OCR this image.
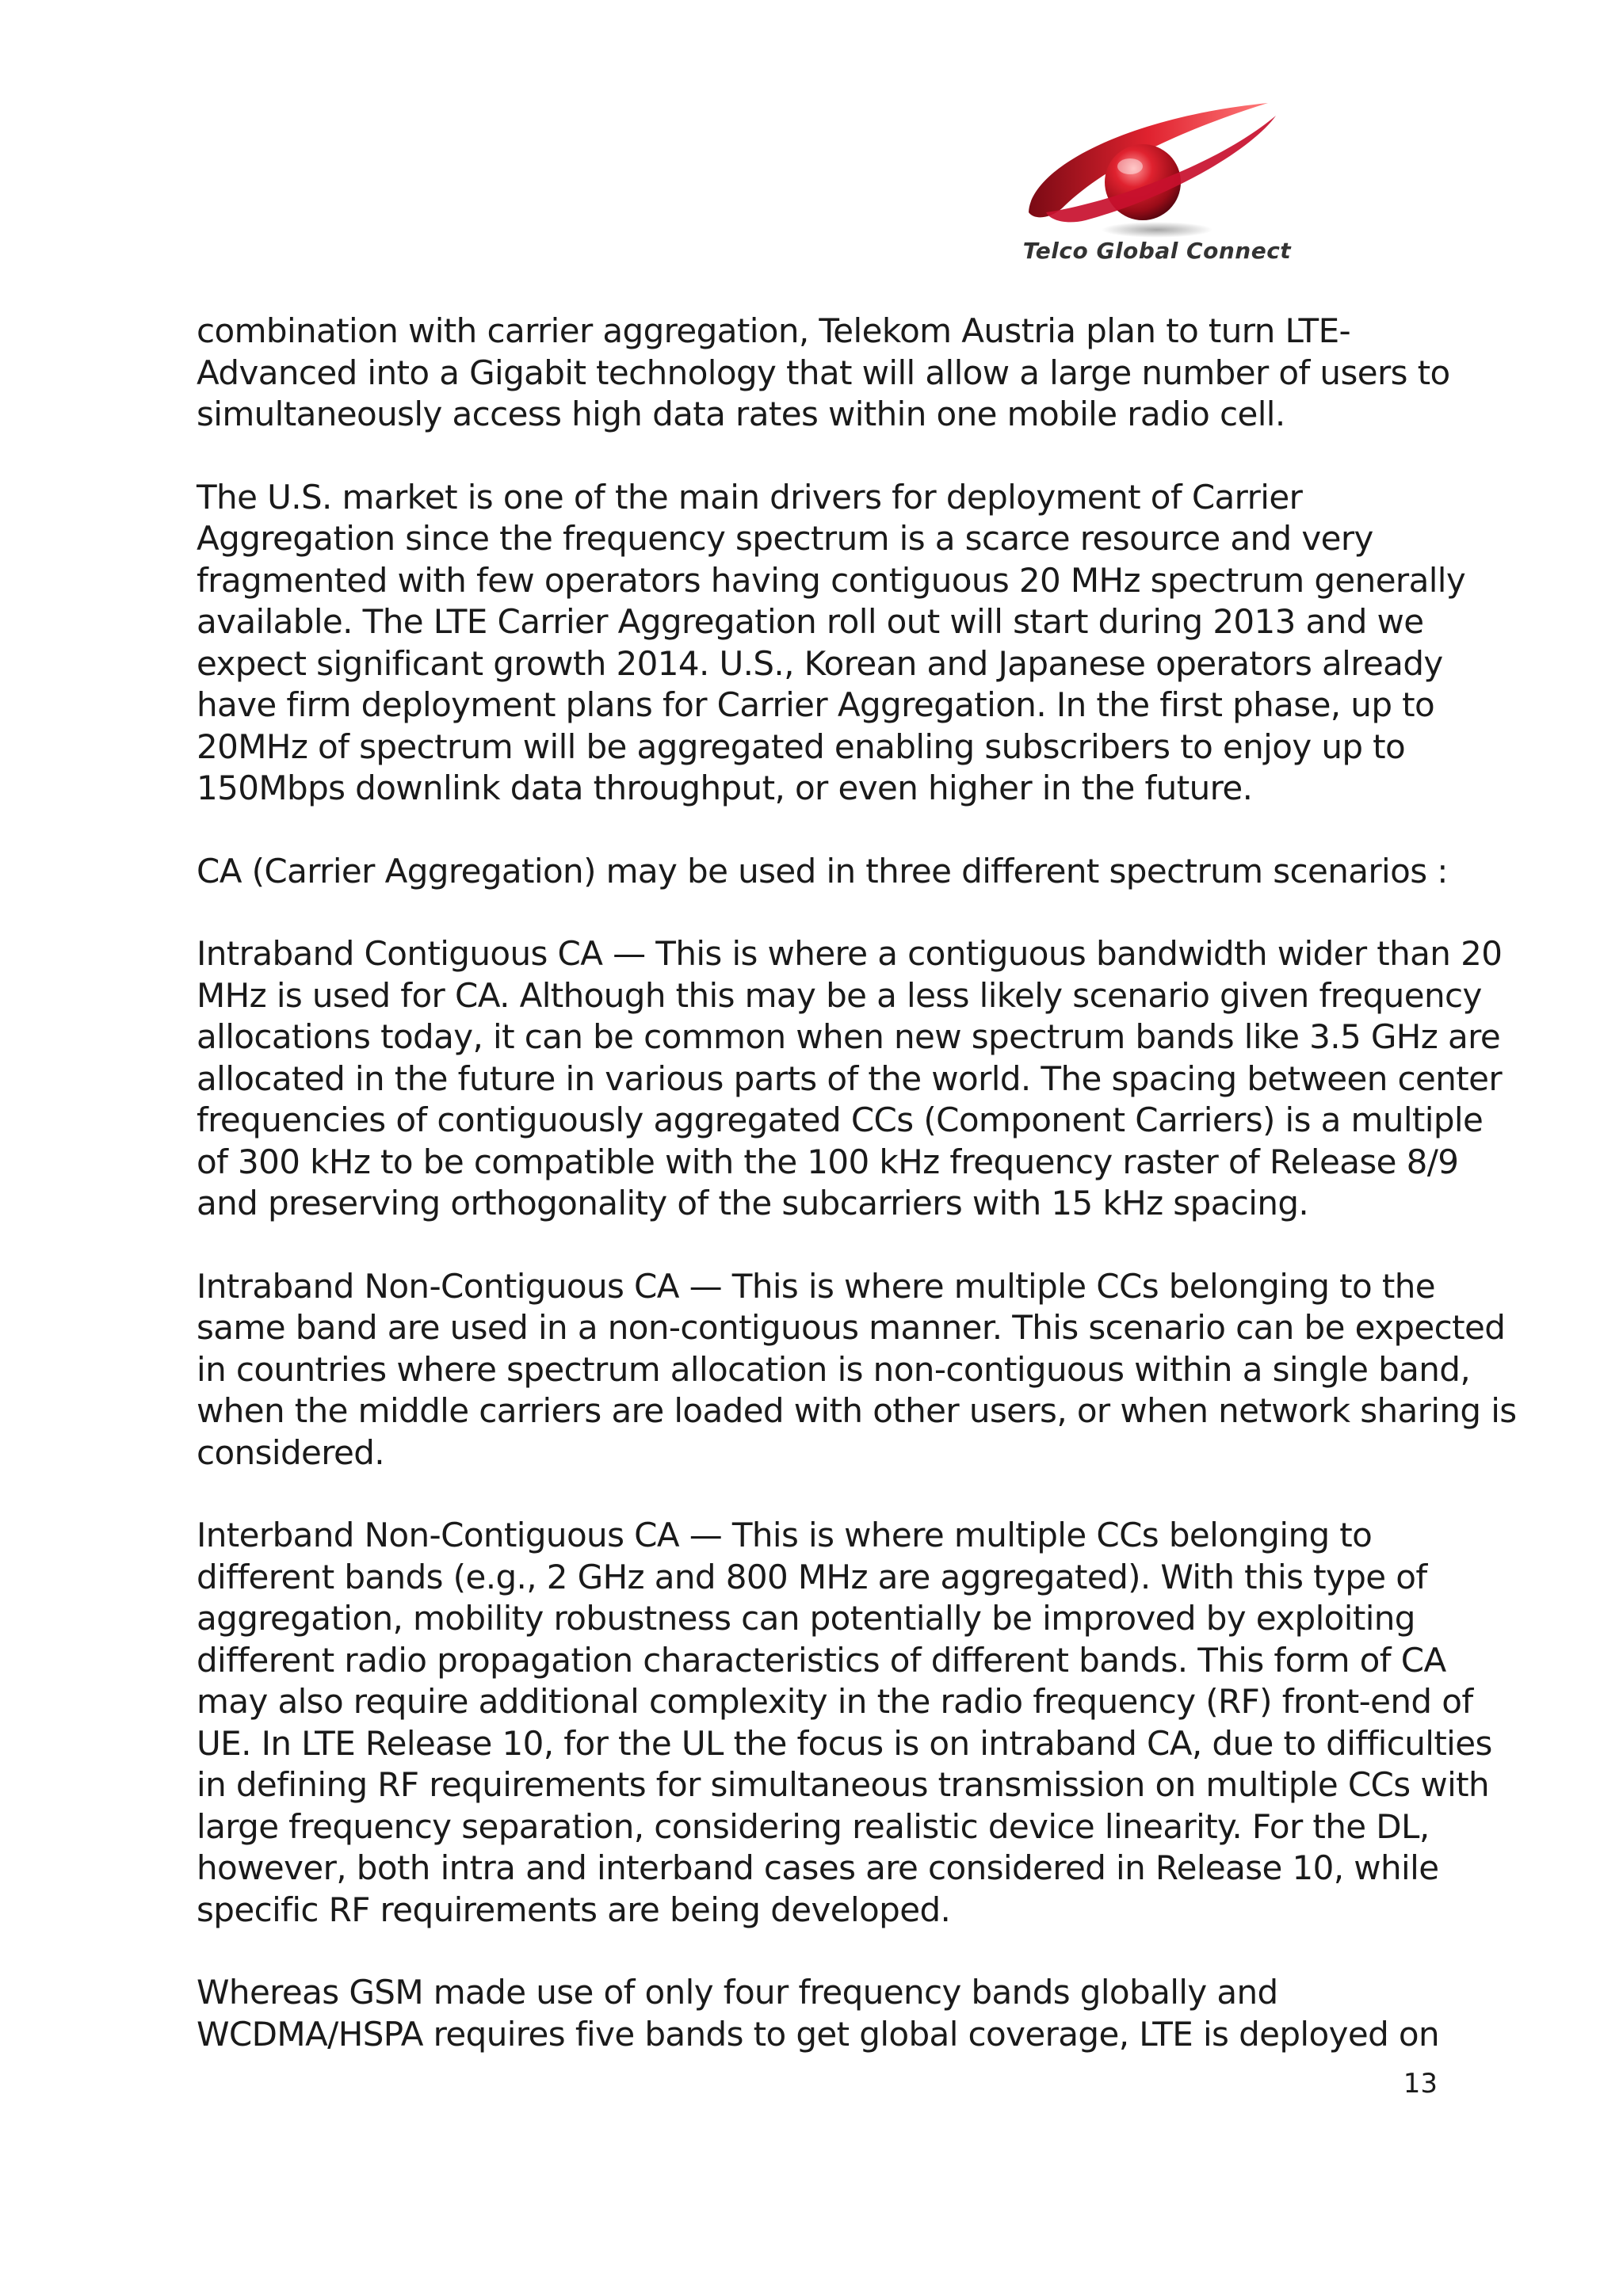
Telco Global Connect

combination with carrier aggregation, Telekom Austria plan to turn LTE-
Advanced into a Gigabit technology that will allow a large number of users to
simultaneously access high data rates within one mobile radio cell.

The U.S. market is one of the main drivers for deployment of Carrier
Aggregation since the frequency spectrum is a scarce resource and very
fragmented with few operators having contiguous 20 MHz spectrum generally
available. The LTE Carrier Aggregation roll out will start during 2013 and we
expect significant growth 2014. U.S., Korean and Japanese operators already
have firm deployment plans for Carrier Aggregation. In the first phase, up to
20MHz of spectrum will be aggregated enabling subscribers to enjoy up to
150Mbps downlink data throughput, or even higher in the future.

CA (Carrier Aggregation) may be used in three different spectrum scenarios :

Intraband Contiguous CA — This is where a contiguous bandwidth wider than 20
MHz is used for CA. Although this may be a less likely scenario given frequency
allocations today, it can be common when new spectrum bands like 3.5 GHz are
allocated in the future in various parts of the world. The spacing between center
frequencies of contiguously aggregated CCs (Component Carriers) is a multiple
of 300 kHz to be compatible with the 100 kHz frequency raster of Release 8/9
and preserving orthogonality of the subcarriers with 15 kHz spacing.

Intraband Non-Contiguous CA — This is where multiple CCs belonging to the
same band are used in a non-contiguous manner. This scenario can be expected
in countries where spectrum allocation is non-contiguous within a single band,
when the middle carriers are loaded with other users, or when network sharing is
considered.

Interband Non-Contiguous CA — This is where multiple CCs belonging to
different bands (e.g., 2 GHz and 800 MHz are aggregated). With this type of
aggregation, mobility robustness can potentially be improved by exploiting
different radio propagation characteristics of different bands. This form of CA
may also require additional complexity in the radio frequency (RF) front-end of
UE. In LTE Release 10, for the UL the focus is on intraband CA, due to difficulties
in defining RF requirements for simultaneous transmission on multiple CCs with
large frequency separation, considering realistic device linearity. For the DL,
however, both intra and interband cases are considered in Release 10, while
specific RF requirements are being developed.

Whereas GSM made use of only four frequency bands globally and
WCDMA/HSPA requires five bands to get global coverage, LTE is deployed on

13
